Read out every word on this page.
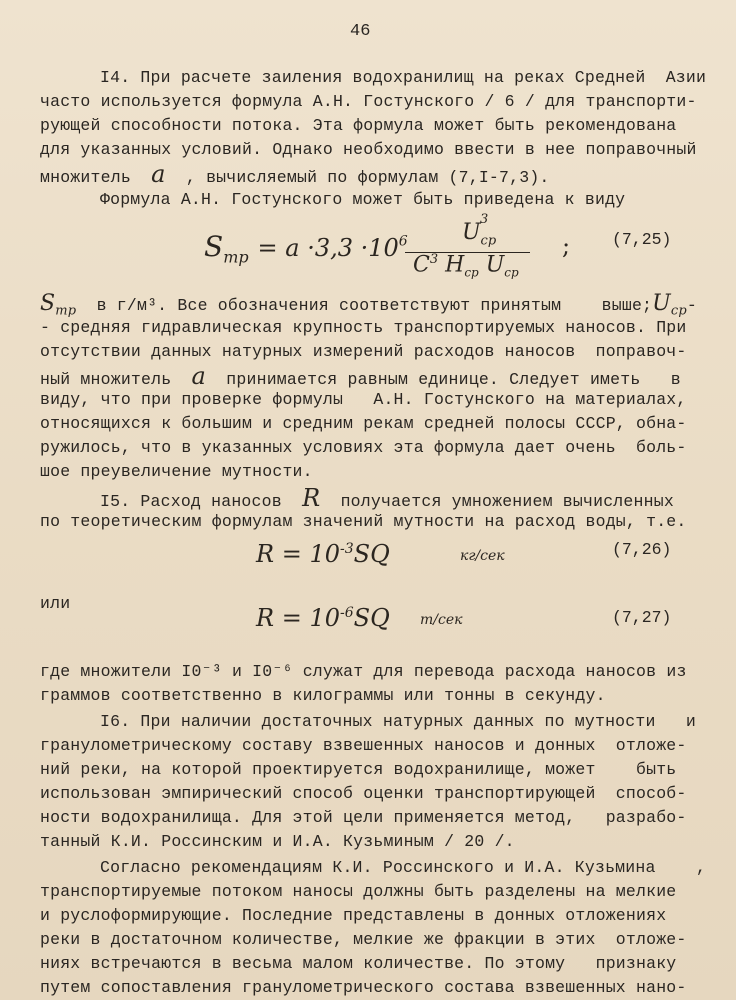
46
I4. При расчете заиления водохранилищ на реках Средней  Азии
часто используется формула А.Н. Гостунского / 6 / для транспорти-
рующей способности потока. Эта формула может быть рекомендована
для указанных условий. Однако необходимо ввести в нее поправочный
множитель a , вычисляемый по формулам (7,I-7,3).
Формула А.Н. Гостунского может быть приведена к виду
$S_{тр} = a \cdot 3,3 \cdot 10^6$ $U_{ср}$
3
$C^3$ $H_{ср}$ $U_{ср}$
;	(7,25)
$S_{тр}$ в г/м³. Все обозначения соответствуют принятым    $выше;U_{ср}-$
- средняя гидравлическая крупность транспортируемых наносов. При
отсутствии данных натурных измерений расходов наносов  поправоч-
ный множитель a принимается равным единице. Следует иметь   в
виду, что при проверке формулы   А.Н. Гостунского на материалах,
относящихся к большим и средним рекам средней полосы СССР, обна-
ружилось, что в указанных условиях эта формула дает очень  боль-
шое преувеличение мутности.
I5. Расход наносов R получается умножением вычисленных
по теоретическим формулам значений мутности на расход воды, т.е.
$R = 10^{-3}SQ$	кг/сек	(7,26)
или
$R = 10^{-6}SQ$ т/сек	(7,27)
где множители I0⁻³ и I0⁻⁶ служат для перевода расхода наносов из
граммов соответственно в килограммы или тонны в секунду.
I6. При наличии достаточных натурных данных по мутности   и
гранулометрическому составу взвешенных наносов и донных  отложе-
ний реки, на которой проектируется водохранилище, может    быть
использован эмпирический способ оценки транспортирующей  способ-
ности водохранилища. Для этой цели применяется метод,   разрабо-
танный К.И. Россинским и И.А. Кузьминым / 20 /.
Согласно рекомендациям К.И. Россинского и И.А. Кузьмина    ,
транспортируемые потоком наносы должны быть разделены на мелкие
и руслоформирующие. Последние представлены в донных отложениях
реки в достаточном количестве, мелкие же фракции в этих  отложе-
ниях встречаются в весьма малом количестве. По этому   признаку
путем сопоставления гранулометрического состава взвешенных нано-
